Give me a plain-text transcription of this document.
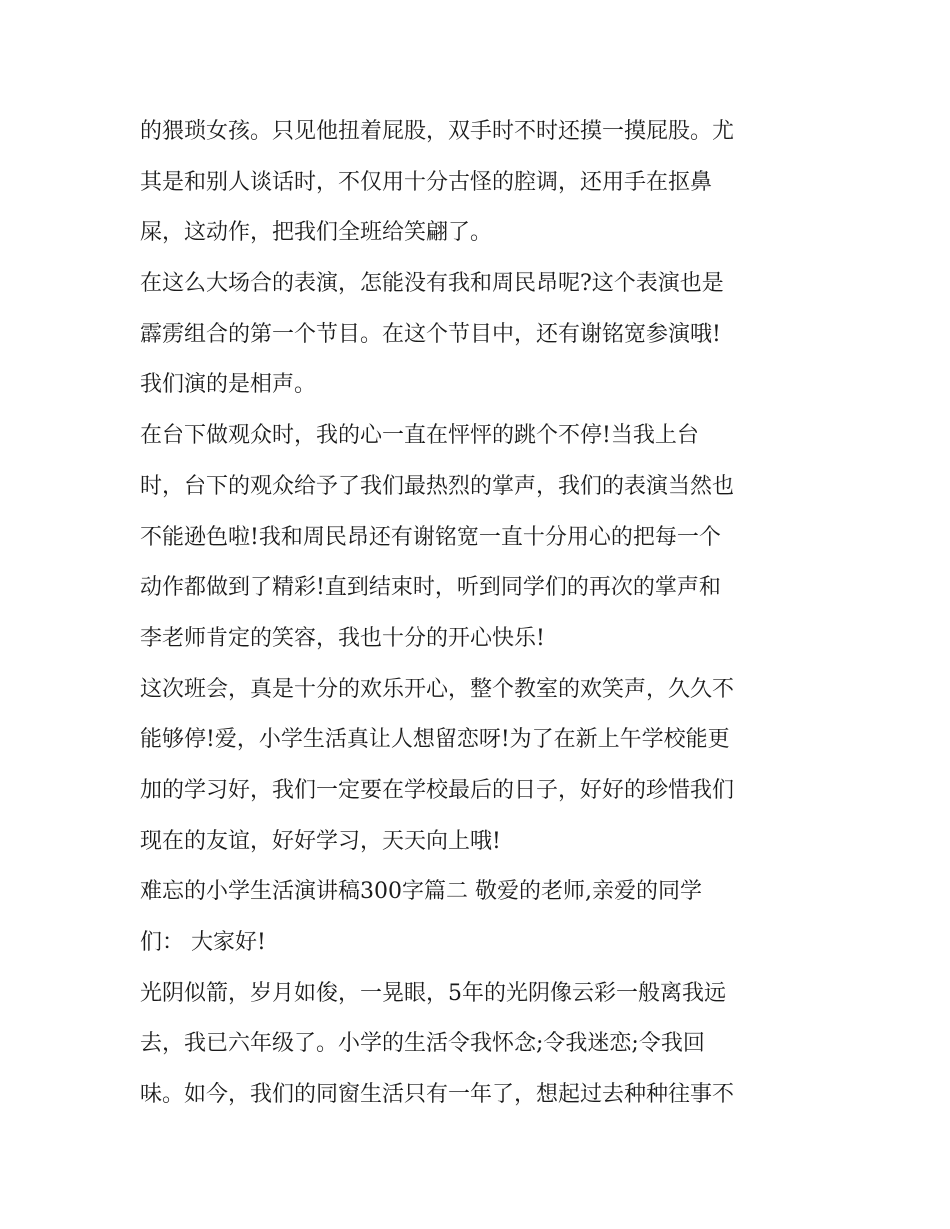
的猥琐女孩。只见他扭着屁股，双手时不时还摸一摸屁股。尤
其是和别人谈话时，不仅用十分古怪的腔调，还用手在抠鼻
屎，这动作，把我们全班给笑翩了。
在这么大场合的表演，怎能没有我和周民昂呢?这个表演也是
霹雳组合的第一个节目。在这个节目中，还有谢铭宽参演哦!
我们演的是相声。
在台下做观众时，我的心一直在怦怦的跳个不停!当我上台
时，台下的观众给予了我们最热烈的掌声，我们的表演当然也
不能逊色啦!我和周民昂还有谢铭宽一直十分用心的把每一个
动作都做到了精彩!直到结束时，听到同学们的再次的掌声和
李老师肯定的笑容，我也十分的开心快乐!
这次班会，真是十分的欢乐开心，整个教室的欢笑声，久久不
能够停!爱，小学生活真让人想留恋呀!为了在新上午学校能更
加的学习好，我们一定要在学校最后的日子，好好的珍惜我们
现在的友谊，好好学习，天天向上哦!
难忘的小学生活演讲稿300字篇二 敬爱的老师,亲爱的同学
们： 大家好!
光阴似箭，岁月如俊，一晃眼，5年的光阴像云彩一般离我远
去，我已六年级了。小学的生活令我怀念;令我迷恋;令我回
味。如今，我们的同窗生活只有一年了，想起过去种种往事不
